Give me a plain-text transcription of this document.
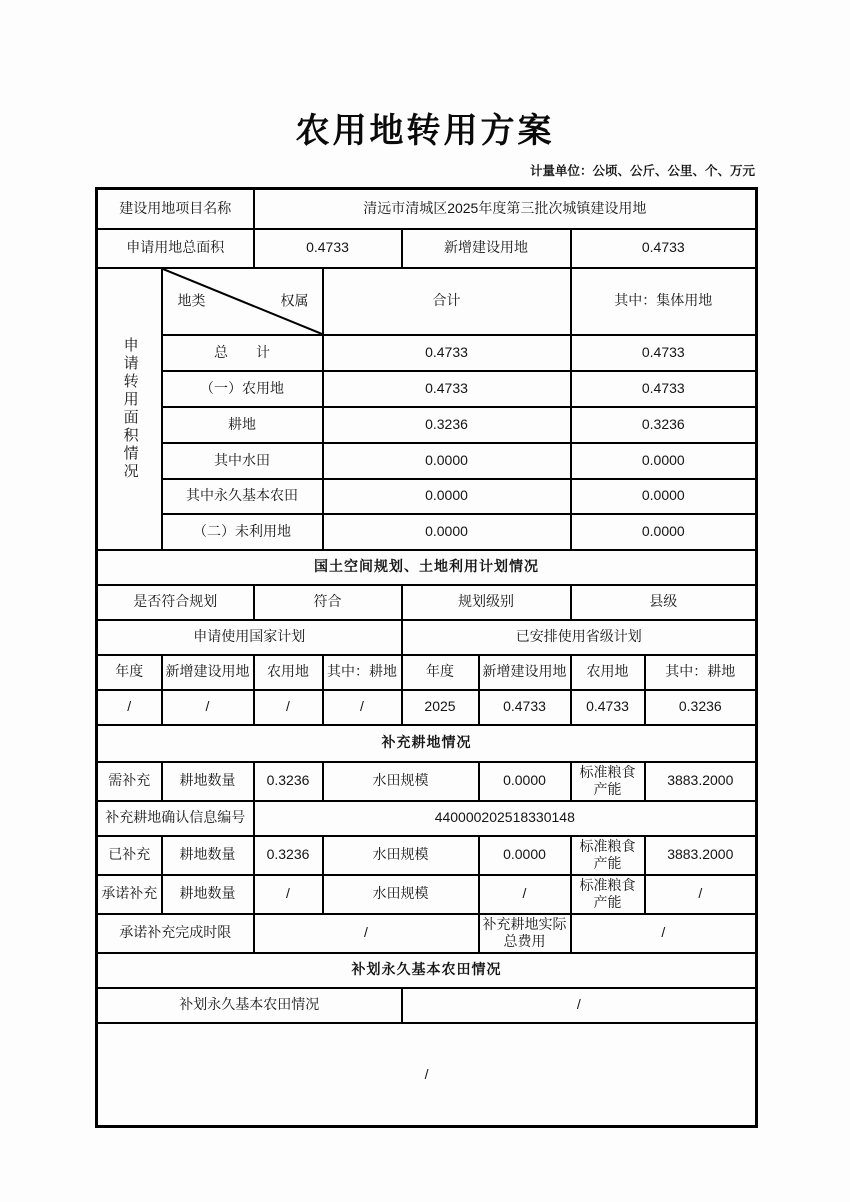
农用地转用方案
计量单位：公顷、公斤、公里、个、万元
建设用地项目名称		清远市清城区2025年度第三批次城镇建设用地					
申请用地总面积		0.4733		新增建设用地		0.4733	

申请转用面积情况	地类 权属		合计			其中：集体用地	
	总　　计		0.4733			0.4733	
	（一）农用地		0.4733			0.4733	
	耕地		0.3236			0.3236	
	其中水田		0.0000			0.0000	
	其中永久基本农田		0.0000			0.0000	
	（二）未利用地		0.0000			0.0000	
国土空间规划、土地利用计划情况							
是否符合规划		符合		规划级别		县级	
申请使用国家计划				已安排使用省级计划			
年度	新增建设用地	农用地	其中：耕地	年度	新增建设用地	农用地	其中：耕地
/	/	/	/	2025	0.4733	0.4733	0.3236
补充耕地情况							
需补充	耕地数量	0.3236	水田规模		0.0000	标准粮食产能	3883.2000
补充耕地确认信息编号		440000202518330148					
已补充	耕地数量	0.3236	水田规模		0.0000	标准粮食产能	3883.2000
承诺补充	耕地数量	/	水田规模		/	标准粮食产能	/
承诺补充完成时限		/			补充耕地实际总费用	/	
补划永久基本农田情况							
补划永久基本农田情况				/			
/							
